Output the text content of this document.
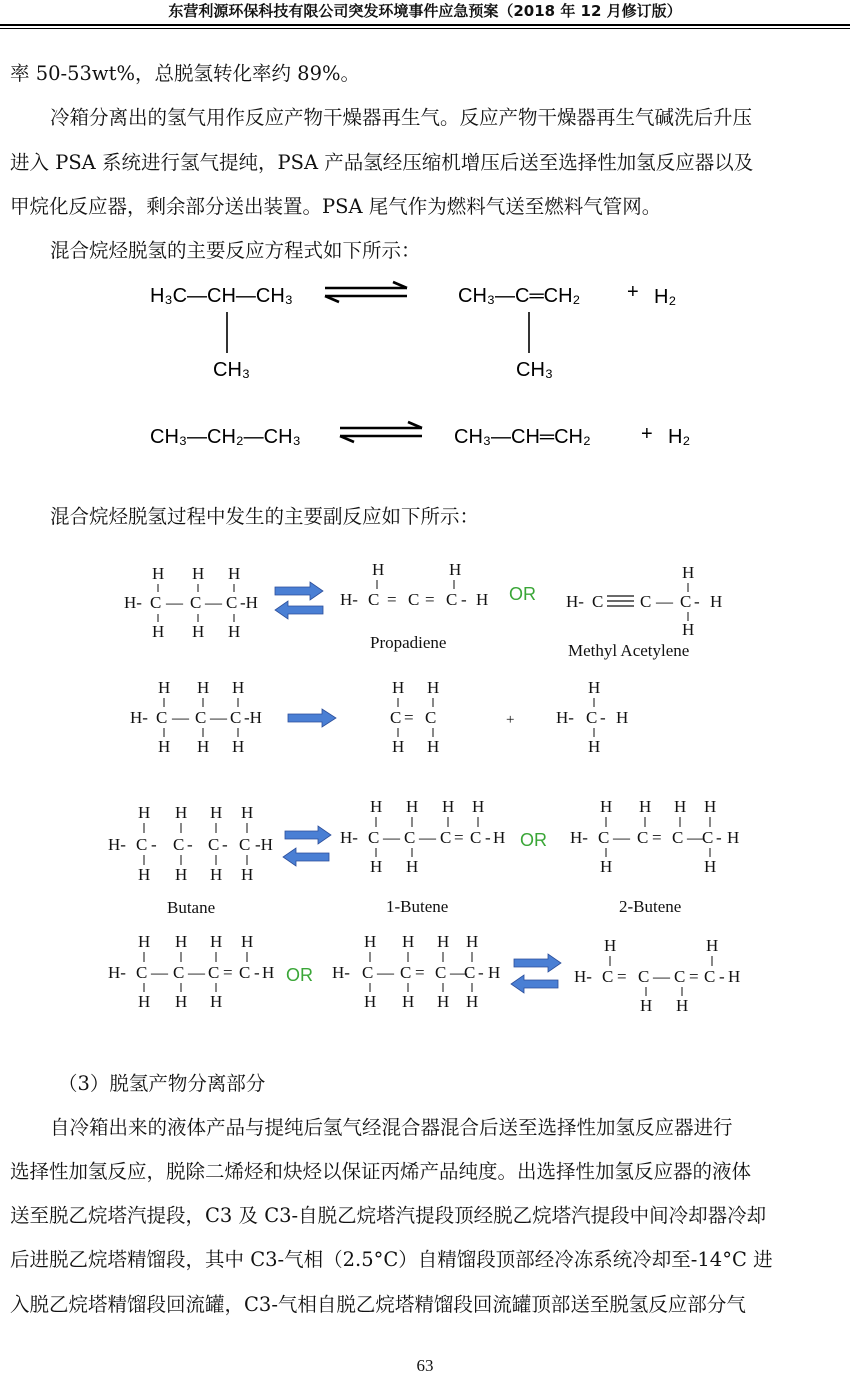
东营利源环保科技有限公司突发环境事件应急预案（2018 年 12 月修订版）
率 50-53wt%，总脱氢转化率约 89%。
冷箱分离出的氢气用作反应产物干燥器再生气。反应产物干燥器再生气碱洗后升压
进入 PSA 系统进行氢气提纯，PSA 产品氢经压缩机增压后送至选择性加氢反应器以及
甲烷化反应器，剩余部分送出装置。PSA 尾气作为燃料气送至燃料气管网。
混合烷烃脱氢的主要反应方程式如下所示：
混合烷烃脱氢过程中发生的主要副反应如下所示：
（3）脱氢产物分离部分
自冷箱出来的液体产品与提纯后氢气经混合器混合后送至选择性加氢反应器进行
选择性加氢反应，脱除二烯烃和炔烃以保证丙烯产品纯度。出选择性加氢反应器的液体
送至脱乙烷塔汽提段，C3 及 C3-自脱乙烷塔汽提段顶经脱乙烷塔汽提段中间冷却器冷却
后进脱乙烷塔精馏段，其中 C3-气相（2.5°C）自精馏段顶部经冷冻系统冷却至-14°C 进
入脱乙烷塔精馏段回流罐，C3-气相自脱乙烷塔精馏段回流罐顶部送至脱氢反应部分气
H₃C—CH—CH₃
CH₃
CH₃—C═CH₂
CH₃
+ H₂
CH₃—CH₂—CH₃	CH₃—CH═CH₂	+ H₂
H H H
H- C — C — C -H
H H H
H	H
H- C = C = C - H
Propadiene
OR
H
H- C C — C - H
H
Methyl Acetylene
H H H
H- C — C — C -H
H H H
H H
C = C
H H
+
H
H- C - H
H
H H H H
H- C - C - C - C -H
H H H H
Butane
H H H H
H- C — C — C = C - H
H H
1-Butene
OR
H H H H
H- C — C = C —
C - H
H	H
2-Butene
H H H H
H- C — C — C = C - H
H H H
OR
H H H H
H- C — C = C —
C - H
H H H H
H	H
H- C = C — C = C - H
H H
63
